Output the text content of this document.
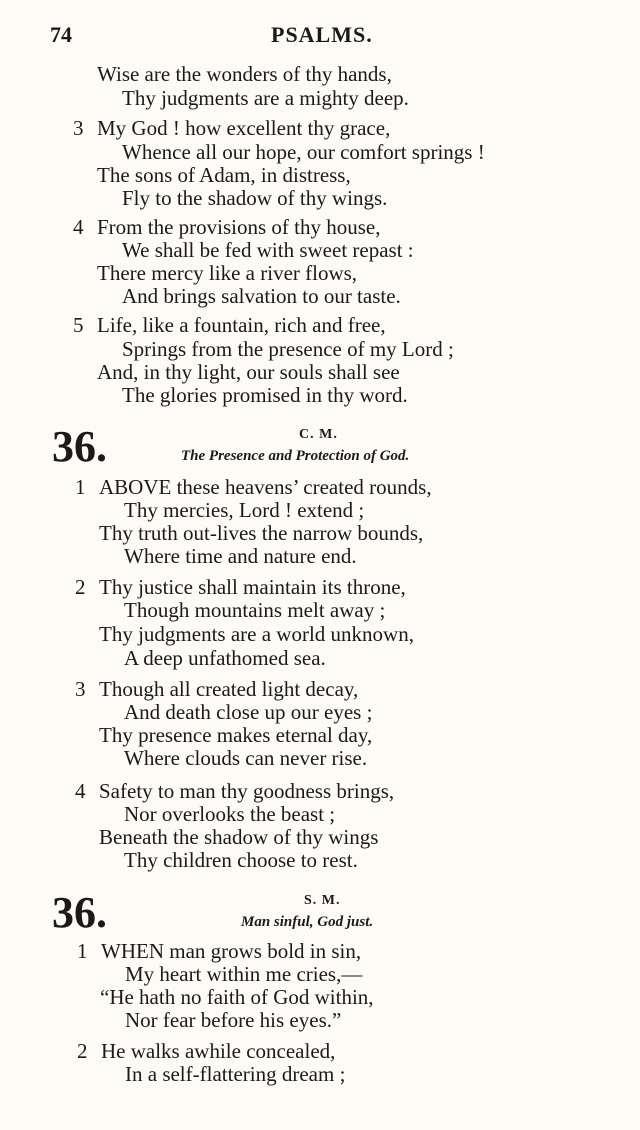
74	PSALMS.
Wise are the wonders of thy hands,
Thy judgments are a mighty deep.
3 My God ! how excellent thy grace,
Whence all our hope, our comfort springs !
The sons of Adam, in distress,
Fly to the shadow of thy wings.
4 From the provisions of thy house,
We shall be fed with sweet repast :
There mercy like a river flows,
And brings salvation to our taste.
5 Life, like a fountain, rich and free,
Springs from the presence of my Lord ;
And, in thy light, our souls shall see
The glories promised in thy word.
36.	C. M.
The Presence and Protection of God.
1 ABOVE these heavens’ created rounds,
Thy mercies, Lord ! extend ;
Thy truth out-lives the narrow bounds,
Where time and nature end.
2 Thy justice shall maintain its throne,
Though mountains melt away ;
Thy judgments are a world unknown,
A deep unfathomed sea.
3 Though all created light decay,
And death close up our eyes ;
Thy presence makes eternal day,
Where clouds can never rise.
4 Safety to man thy goodness brings,
Nor overlooks the beast ;
Beneath the shadow of thy wings
Thy children choose to rest.
36.	S. M.
Man sinful, God just.
1 WHEN man grows bold in sin,
My heart within me cries,—
“He hath no faith of God within,
Nor fear before his eyes.”
2 He walks awhile concealed,
In a self-flattering dream ;
